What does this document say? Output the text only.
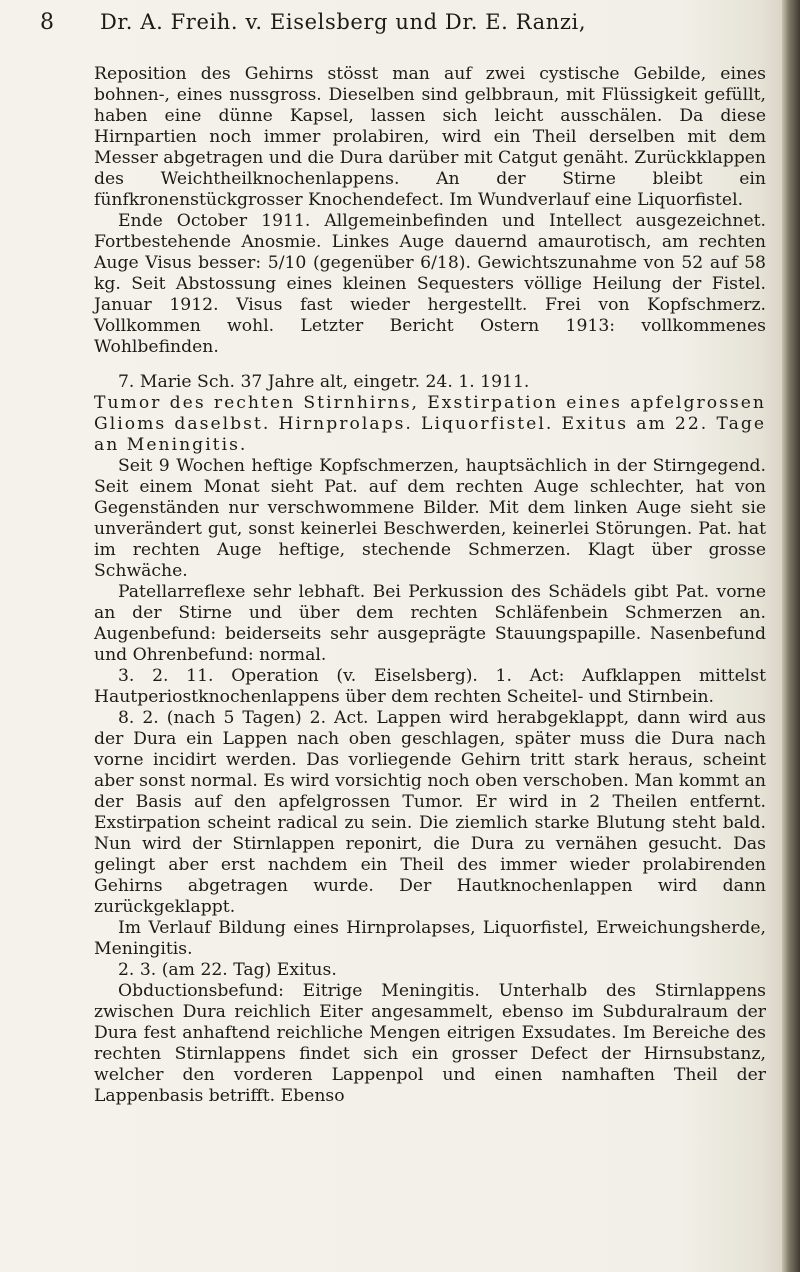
8 Dr. A. Freih. v. Eiselsberg und Dr. E. Ranzi,

Reposition des Gehirns stösst man auf zwei cystische Gebilde, eines bohnen-, eines nussgross. Dieselben sind gelbbraun, mit Flüssigkeit gefüllt, haben eine dünne Kapsel, lassen sich leicht ausschälen. Da diese Hirnpartien noch immer prolabiren, wird ein Theil derselben mit dem Messer abgetragen und die Dura darüber mit Catgut genäht. Zurückklappen des Weichtheilknochenlappens. An der Stirne bleibt ein fünfkronenstückgrosser Knochendefect. Im Wundverlauf eine Liquorfistel.

Ende October 1911. Allgemeinbefinden und Intellect ausgezeichnet. Fortbestehende Anosmie. Linkes Auge dauernd amaurotisch, am rechten Auge Visus besser: 5/10 (gegenüber 6/18). Gewichtszunahme von 52 auf 58 kg. Seit Abstossung eines kleinen Sequesters völlige Heilung der Fistel. Januar 1912. Visus fast wieder hergestellt. Frei von Kopfschmerz. Vollkommen wohl. Letzter Bericht Ostern 1913: vollkommenes Wohlbefinden.

7. Marie Sch. 37 Jahre alt, eingetr. 24. 1. 1911.

Tumor des rechten Stirnhirns, Exstirpation eines apfelgrossen Glioms daselbst. Hirnprolaps. Liquorfistel. Exitus am 22. Tage an Meningitis.

Seit 9 Wochen heftige Kopfschmerzen, hauptsächlich in der Stirngegend. Seit einem Monat sieht Pat. auf dem rechten Auge schlechter, hat von Gegenständen nur verschwommene Bilder. Mit dem linken Auge sieht sie unverändert gut, sonst keinerlei Beschwerden, keinerlei Störungen. Pat. hat im rechten Auge heftige, stechende Schmerzen. Klagt über grosse Schwäche.

Patellarreflexe sehr lebhaft. Bei Perkussion des Schädels gibt Pat. vorne an der Stirne und über dem rechten Schläfenbein Schmerzen an. Augenbefund: beiderseits sehr ausgeprägte Stauungspapille. Nasenbefund und Ohrenbefund: normal.

3. 2. 11. Operation (v. Eiselsberg). 1. Act: Aufklappen mittelst Hautperiostknochenlappens über dem rechten Scheitel- und Stirnbein.

8. 2. (nach 5 Tagen) 2. Act. Lappen wird herabgeklappt, dann wird aus der Dura ein Lappen nach oben geschlagen, später muss die Dura nach vorne incidirt werden. Das vorliegende Gehirn tritt stark heraus, scheint aber sonst normal. Es wird vorsichtig noch oben verschoben. Man kommt an der Basis auf den apfelgrossen Tumor. Er wird in 2 Theilen entfernt. Exstirpation scheint radical zu sein. Die ziemlich starke Blutung steht bald. Nun wird der Stirnlappen reponirt, die Dura zu vernähen gesucht. Das gelingt aber erst nachdem ein Theil des immer wieder prolabirenden Gehirns abgetragen wurde. Der Hautknochenlappen wird dann zurückgeklappt.

Im Verlauf Bildung eines Hirnprolapses, Liquorfistel, Erweichungsherde, Meningitis.

2. 3. (am 22. Tag) Exitus.

Obductionsbefund: Eitrige Meningitis. Unterhalb des Stirnlappens zwischen Dura reichlich Eiter angesammelt, ebenso im Subduralraum der Dura fest anhaftend reichliche Mengen eitrigen Exsudates. Im Bereiche des rechten Stirnlappens findet sich ein grosser Defect der Hirnsubstanz, welcher den vorderen Lappenpol und einen namhaften Theil der Lappenbasis betrifft. Ebenso
